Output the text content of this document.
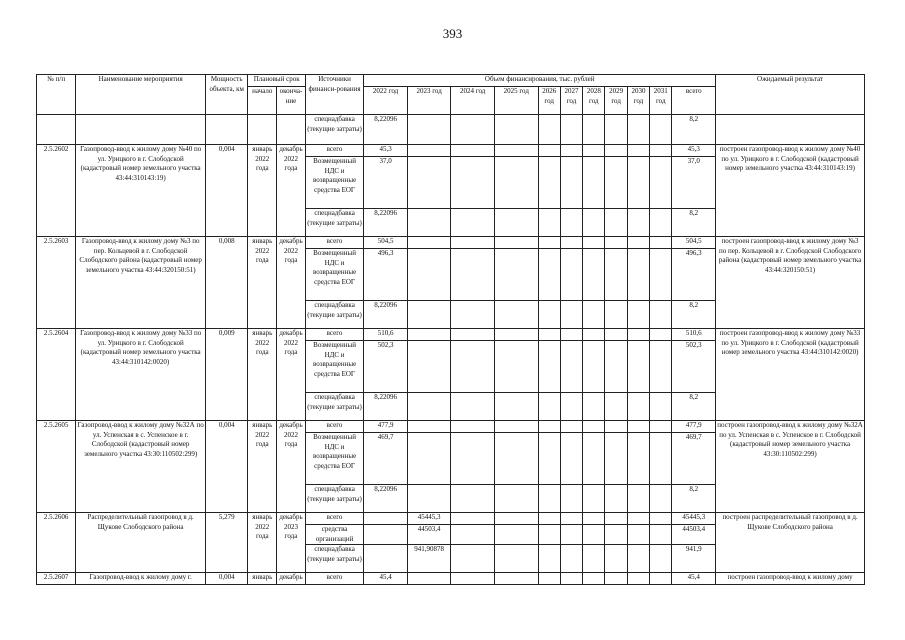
393
№ п/п	Наименование мероприятия	Мощность объекта, км	Плановый срок		Источники финанси-рования	Объем финансирования, тыс. рублей											Ожидаемый результат

			начало	оконча-ние		2022 год	2023 год	2024 год	2025 год	2026 год	2027 год	2028 год	2029 год	2030 год	2031 год	всего	
					спецнадбавка (текущие затраты)	8,22096										8,2	
2.5.2602	Газопровод-ввод к жилому дому №40 по ул. Урицкого в г. Слободской (кадастровый номер земельного участка 43:44:310143:19)	0,004	январь 2022 года	декабрь 2022 года	всего	45,3										45,3	построен газопровод-ввод к жилому дому №40 по ул. Урицкого в г. Слободской (кадастровый номер земельного участка 43:44:310143:19)
					Возмещенный НДС и возвращенные средства ЕОГ	37,0										37,0	
					спецнадбавка (текущие затраты)	8,22096										8,2	
2.5.2603	Газопровод-ввод к жилому дому №3 по пер. Кольцевой в г. Слободской Слободского района (кадастровый номер земельного участка 43:44:320150:51)	0,008	январь 2022 года	декабрь 2022 года	всего	504,5										504,5	построен газопровод-ввод к жилому дому №3 по пер. Кольцевой в г. Слободской Слободского района (кадастровый номер земельного участка 43:44:320150:51)
					Возмещенный НДС и возвращенные средства ЕОГ	496,3										496,3	
					спецнадбавка (текущие затраты)	8,22096										8,2	
2.5.2604	Газопровод-ввод к жилому дому №33 по ул. Урицкого в г. Слободской (кадастровый номер земельного участка 43:44:310142:0020)	0,009	январь 2022 года	декабрь 2022 года	всего	510,6										510,6	построен газопровод-ввод к жилому дому №33 по ул. Урицкого в г. Слободской (кадастровый номер земельного участка 43:44:310142:0020)
					Возмещенный НДС и возвращенные средства ЕОГ	502,3										502,3	
					спецнадбавка (текущие затраты)	8,22096										8,2	
2.5.2605	Газопровод-ввод к жилому дому №32А по ул. Успенская в с. Успенское в г. Слободской (кадастровый номер земельного участка 43:30:110502:299)	0,004	январь 2022 года	декабрь 2022 года	всего	477,9										477,9	построен газопровод-ввод к жилому дому №32А по ул. Успенская в с. Успенское в г. Слободской (кадастровый номер земельного участка 43:30:110502:299)
					Возмещенный НДС и возвращенные средства ЕОГ	469,7										469,7	
					спецнадбавка (текущие затраты)	8,22096										8,2	
2.5.2606	Распределительный газопровод в д. Щукове Слободского района	5,279	январь 2022 года	декабрь 2023 года	всего		45445,3									45445,3	построен распределительный газопровод в д. Щукове Слободского района
					средства организаций		44503,4									44503,4	
					спецнадбавка (текущие затраты)		941,90878									941,9	
2.5.2607	Газопровод-ввод к жилому дому г.	0,004	январь	декабрь	всего	45,4										45,4	построен газопровод-ввод к жилому дому
